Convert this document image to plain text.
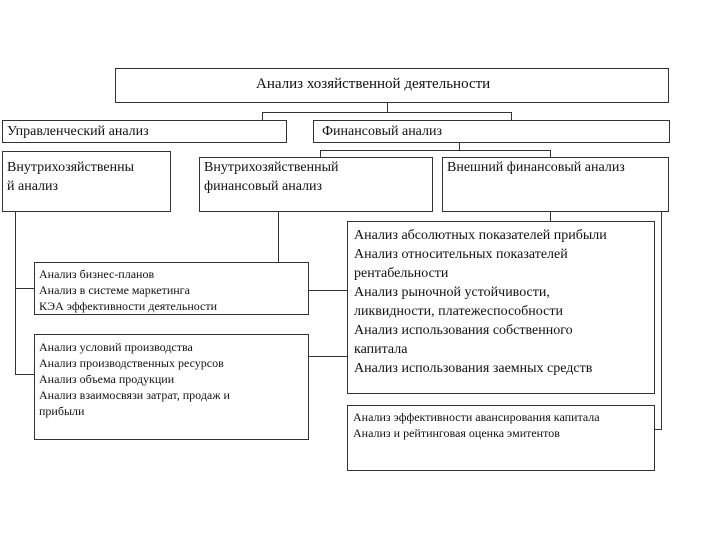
Анализ хозяйственной деятельности
Управленческий анализ	Финансовый анализ
Внутрихозяйственны
й анализ
Внутрихозяйственный
финансовый анализ
Внешний финансовый анализ
Анализ бизнес-планов
Анализ в системе маркетинга
КЭА эффективности деятельности
Анализ условий производства
Анализ производственных ресурсов
Анализ объема продукции
Анализ взаимосвязи затрат, продаж и
прибыли
Анализ абсолютных показателей прибыли
Анализ относительных показателей
рентабельности
Анализ рыночной устойчивости,
ликвидности, платежеспособности
Анализ использования собственного
капитала
Анализ использования заемных средств
Анализ эффективности авансирования капитала
Анализ и рейтинговая оценка эмитентов
